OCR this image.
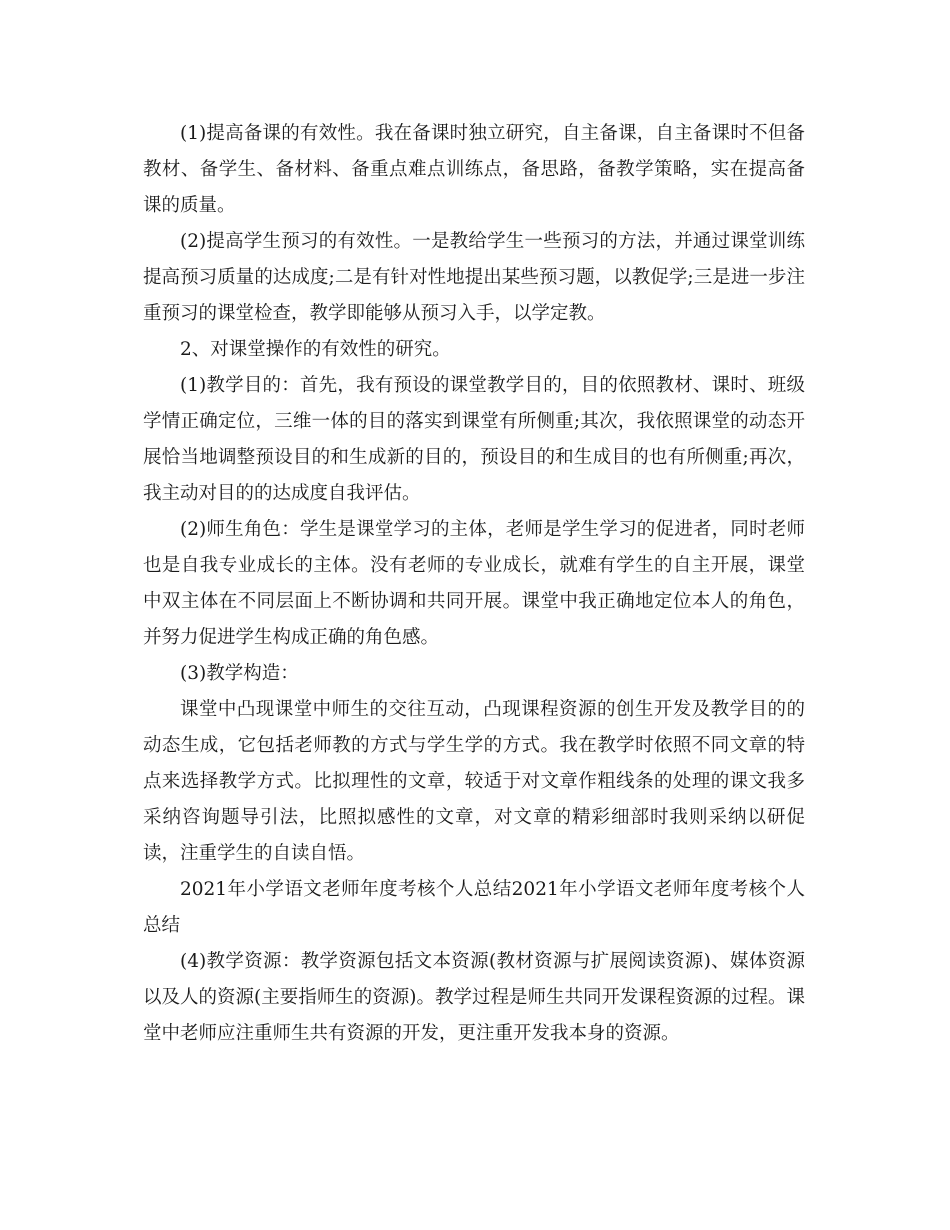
(1)提高备课的有效性。我在备课时独立研究，自主备课，自主备课时不但备教材、备学生、备材料、备重点难点训练点，备思路，备教学策略，实在提高备课的质量。

(2)提高学生预习的有效性。一是教给学生一些预习的方法，并通过课堂训练提高预习质量的达成度;二是有针对性地提出某些预习题，以教促学;三是进一步注重预习的课堂检查，教学即能够从预习入手，以学定教。

2、对课堂操作的有效性的研究。

(1)教学目的：首先，我有预设的课堂教学目的，目的依照教材、课时、班级学情正确定位，三维一体的目的落实到课堂有所侧重;其次，我依照课堂的动态开展恰当地调整预设目的和生成新的目的，预设目的和生成目的也有所侧重;再次，我主动对目的的达成度自我评估。

(2)师生角色：学生是课堂学习的主体，老师是学生学习的促进者，同时老师也是自我专业成长的主体。没有老师的专业成长，就难有学生的自主开展，课堂中双主体在不同层面上不断协调和共同开展。课堂中我正确地定位本人的角色，并努力促进学生构成正确的角色感。

(3)教学构造：

课堂中凸现课堂中师生的交往互动，凸现课程资源的创生开发及教学目的的动态生成，它包括老师教的方式与学生学的方式。我在教学时依照不同文章的特点来选择教学方式。比拟理性的文章，较适于对文章作粗线条的处理的课文我多采纳咨询题导引法，比照拟感性的文章，对文章的精彩细部时我则采纳以研促读，注重学生的自读自悟。

2021年小学语文老师年度考核个人总结2021年小学语文老师年度考核个人总结

(4)教学资源：教学资源包括文本资源(教材资源与扩展阅读资源)、媒体资源以及人的资源(主要指师生的资源)。教学过程是师生共同开发课程资源的过程。课堂中老师应注重师生共有资源的开发，更注重开发我本身的资源。
